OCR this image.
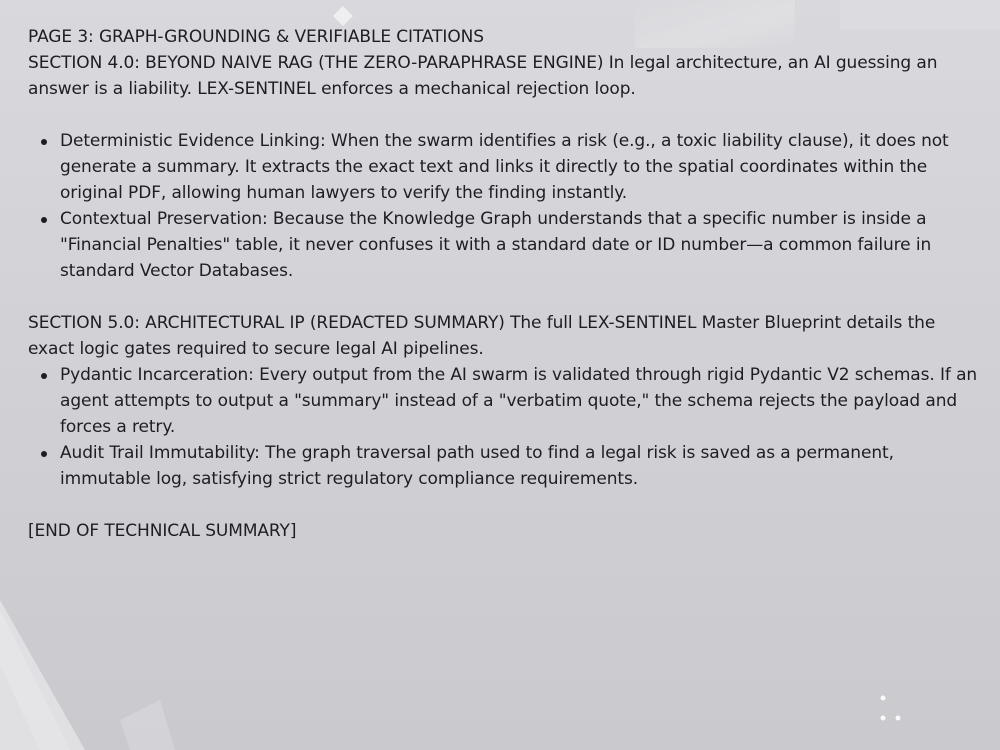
PAGE 3: GRAPH-GROUNDING & VERIFIABLE CITATIONS

SECTION 4.0: BEYOND NAIVE RAG (THE ZERO-PARAPHRASE ENGINE) In legal architecture, an AI guessing an answer is a liability. LEX-SENTINEL enforces a mechanical rejection loop.

Deterministic Evidence Linking: When the swarm identifies a risk (e.g., a toxic liability clause), it does not generate a summary. It extracts the exact text and links it directly to the spatial coordinates within the original PDF, allowing human lawyers to verify the finding instantly.
Contextual Preservation: Because the Knowledge Graph understands that a specific number is inside a "Financial Penalties" table, it never confuses it with a standard date or ID number—a common failure in standard Vector Databases.

SECTION 5.0: ARCHITECTURAL IP (REDACTED SUMMARY) The full LEX-SENTINEL Master Blueprint details the exact logic gates required to secure legal AI pipelines.

Pydantic Incarceration: Every output from the AI swarm is validated through rigid Pydantic V2 schemas. If an agent attempts to output a "summary" instead of a "verbatim quote," the schema rejects the payload and forces a retry.
Audit Trail Immutability: The graph traversal path used to find a legal risk is saved as a permanent, immutable log, satisfying strict regulatory compliance requirements.

[END OF TECHNICAL SUMMARY]
